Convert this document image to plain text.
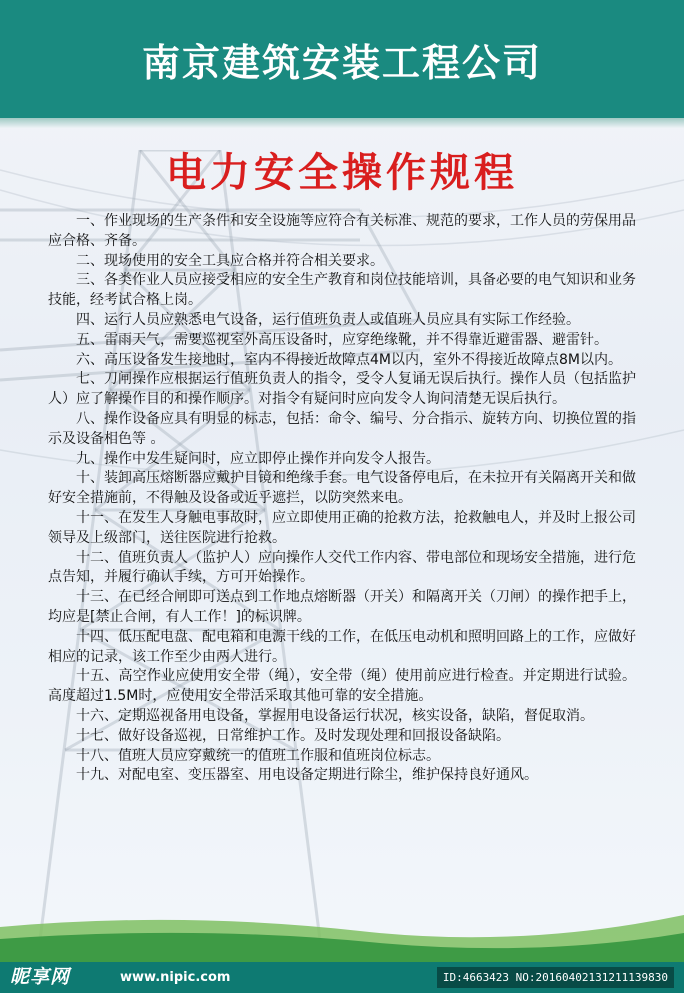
南京建筑安装工程公司
电力安全操作规程

一、作业现场的生产条件和安全设施等应符合有关标准、规范的要求，工作人员的劳保用品应合格、齐备。

二、现场使用的安全工具应合格并符合相关要求。

三、各类作业人员应接受相应的安全生产教育和岗位技能培训，具备必要的电气知识和业务技能，经考试合格上岗。

四、运行人员应熟悉电气设备，运行值班负责人或值班人员应具有实际工作经验。

五、雷雨天气，需要巡视室外高压设备时，应穿绝缘靴，并不得靠近避雷器、避雷针。

六、高压设备发生接地时，室内不得接近故障点4M以内，室外不得接近故障点8M以内。

七、刀闸操作应根据运行值班负责人的指令，受令人复诵无误后执行。操作人员（包括监护人）应了解操作目的和操作顺序。对指令有疑问时应向发令人询问清楚无误后执行。

八、操作设备应具有明显的标志，包括：命令、编号、分合指示、旋转方向、切换位置的指示及设备相色等 。

九、操作中发生疑问时，应立即停止操作并向发令人报告。

十、装卸高压熔断器应戴护目镜和绝缘手套。电气设备停电后，在未拉开有关隔离开关和做好安全措施前，不得触及设备或近乎遮拦，以防突然来电。

十一、在发生人身触电事故时，应立即使用正确的抢救方法，抢救触电人，并及时上报公司领导及上级部门，送往医院进行抢救。

十二、值班负责人（监护人）应向操作人交代工作内容、带电部位和现场安全措施，进行危点告知，并履行确认手续，方可开始操作。

十三、在已经合闸即可送点到工作地点熔断器（开关）和隔离开关（刀闸）的操作把手上，均应是[禁止合闸，有人工作！]的标识牌。

十四、低压配电盘、配电箱和电源干线的工作，在低压电动机和照明回路上的工作，应做好相应的记录，该工作至少由两人进行。

十五、高空作业应使用安全带（绳），安全带（绳）使用前应进行检查。并定期进行试验。高度超过1.5M时，应使用安全带活采取其他可靠的安全措施。

十六、定期巡视备用电设备，掌握用电设备运行状况，核实设备，缺陷，督促取消。

十七、做好设备巡视，日常维护工作。及时发现处理和回报设备缺陷。

十八、值班人员应穿戴统一的值班工作服和值班岗位标志。

十九、对配电室、变压器室、用电设备定期进行除尘，维护保持良好通风。

昵享网	www.nipic.com	ID:4663423 NO:20160402131211139830
